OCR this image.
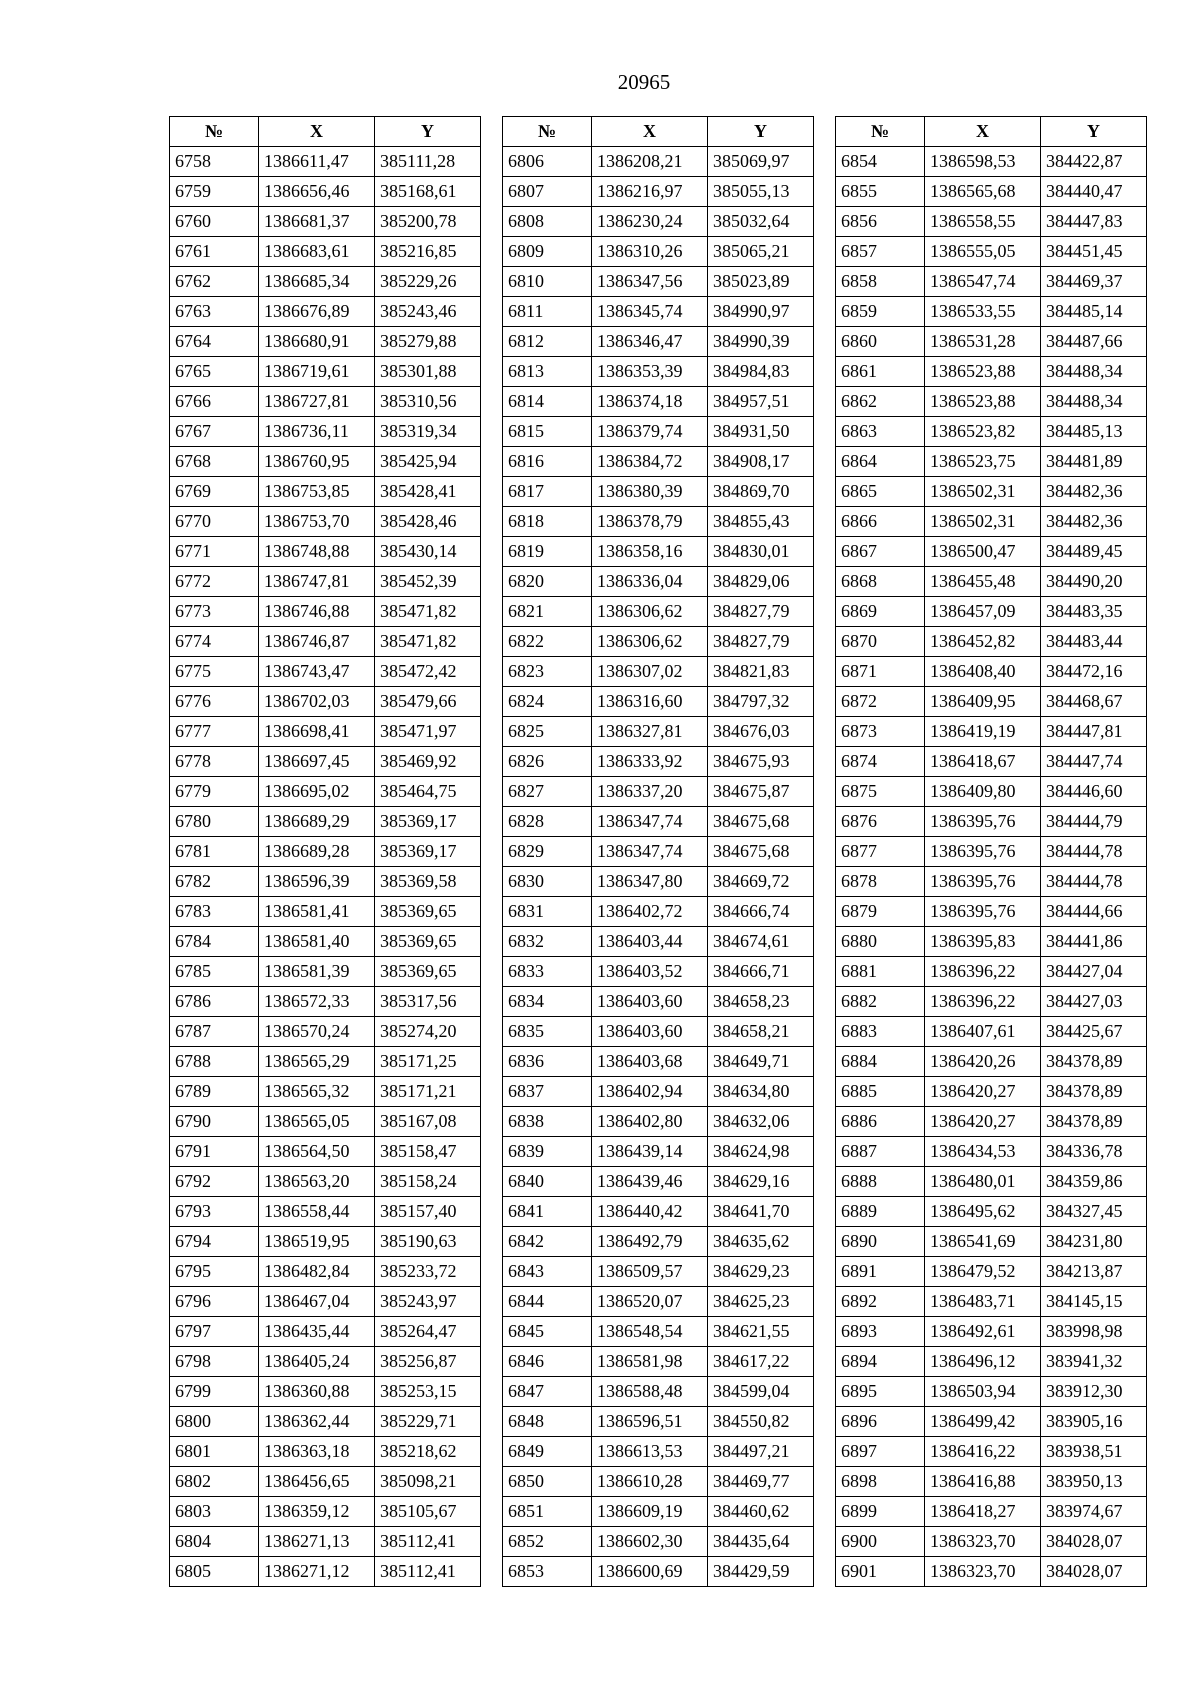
20965
№	X	Y
6758	1386611,47	385111,28
6759	1386656,46	385168,61
6760	1386681,37	385200,78
6761	1386683,61	385216,85
6762	1386685,34	385229,26
6763	1386676,89	385243,46
6764	1386680,91	385279,88
6765	1386719,61	385301,88
6766	1386727,81	385310,56
6767	1386736,11	385319,34
6768	1386760,95	385425,94
6769	1386753,85	385428,41
6770	1386753,70	385428,46
6771	1386748,88	385430,14
6772	1386747,81	385452,39
6773	1386746,88	385471,82
6774	1386746,87	385471,82
6775	1386743,47	385472,42
6776	1386702,03	385479,66
6777	1386698,41	385471,97
6778	1386697,45	385469,92
6779	1386695,02	385464,75
6780	1386689,29	385369,17
6781	1386689,28	385369,17
6782	1386596,39	385369,58
6783	1386581,41	385369,65
6784	1386581,40	385369,65
6785	1386581,39	385369,65
6786	1386572,33	385317,56
6787	1386570,24	385274,20
6788	1386565,29	385171,25
6789	1386565,32	385171,21
6790	1386565,05	385167,08
6791	1386564,50	385158,47
6792	1386563,20	385158,24
6793	1386558,44	385157,40
6794	1386519,95	385190,63
6795	1386482,84	385233,72
6796	1386467,04	385243,97
6797	1386435,44	385264,47
6798	1386405,24	385256,87
6799	1386360,88	385253,15
6800	1386362,44	385229,71
6801	1386363,18	385218,62
6802	1386456,65	385098,21
6803	1386359,12	385105,67
6804	1386271,13	385112,41
6805	1386271,12	385112,41
№	X	Y
6806	1386208,21	385069,97
6807	1386216,97	385055,13
6808	1386230,24	385032,64
6809	1386310,26	385065,21
6810	1386347,56	385023,89
6811	1386345,74	384990,97
6812	1386346,47	384990,39
6813	1386353,39	384984,83
6814	1386374,18	384957,51
6815	1386379,74	384931,50
6816	1386384,72	384908,17
6817	1386380,39	384869,70
6818	1386378,79	384855,43
6819	1386358,16	384830,01
6820	1386336,04	384829,06
6821	1386306,62	384827,79
6822	1386306,62	384827,79
6823	1386307,02	384821,83
6824	1386316,60	384797,32
6825	1386327,81	384676,03
6826	1386333,92	384675,93
6827	1386337,20	384675,87
6828	1386347,74	384675,68
6829	1386347,74	384675,68
6830	1386347,80	384669,72
6831	1386402,72	384666,74
6832	1386403,44	384674,61
6833	1386403,52	384666,71
6834	1386403,60	384658,23
6835	1386403,60	384658,21
6836	1386403,68	384649,71
6837	1386402,94	384634,80
6838	1386402,80	384632,06
6839	1386439,14	384624,98
6840	1386439,46	384629,16
6841	1386440,42	384641,70
6842	1386492,79	384635,62
6843	1386509,57	384629,23
6844	1386520,07	384625,23
6845	1386548,54	384621,55
6846	1386581,98	384617,22
6847	1386588,48	384599,04
6848	1386596,51	384550,82
6849	1386613,53	384497,21
6850	1386610,28	384469,77
6851	1386609,19	384460,62
6852	1386602,30	384435,64
6853	1386600,69	384429,59
№	X	Y
6854	1386598,53	384422,87
6855	1386565,68	384440,47
6856	1386558,55	384447,83
6857	1386555,05	384451,45
6858	1386547,74	384469,37
6859	1386533,55	384485,14
6860	1386531,28	384487,66
6861	1386523,88	384488,34
6862	1386523,88	384488,34
6863	1386523,82	384485,13
6864	1386523,75	384481,89
6865	1386502,31	384482,36
6866	1386502,31	384482,36
6867	1386500,47	384489,45
6868	1386455,48	384490,20
6869	1386457,09	384483,35
6870	1386452,82	384483,44
6871	1386408,40	384472,16
6872	1386409,95	384468,67
6873	1386419,19	384447,81
6874	1386418,67	384447,74
6875	1386409,80	384446,60
6876	1386395,76	384444,79
6877	1386395,76	384444,78
6878	1386395,76	384444,78
6879	1386395,76	384444,66
6880	1386395,83	384441,86
6881	1386396,22	384427,04
6882	1386396,22	384427,03
6883	1386407,61	384425,67
6884	1386420,26	384378,89
6885	1386420,27	384378,89
6886	1386420,27	384378,89
6887	1386434,53	384336,78
6888	1386480,01	384359,86
6889	1386495,62	384327,45
6890	1386541,69	384231,80
6891	1386479,52	384213,87
6892	1386483,71	384145,15
6893	1386492,61	383998,98
6894	1386496,12	383941,32
6895	1386503,94	383912,30
6896	1386499,42	383905,16
6897	1386416,22	383938,51
6898	1386416,88	383950,13
6899	1386418,27	383974,67
6900	1386323,70	384028,07
6901	1386323,70	384028,07
